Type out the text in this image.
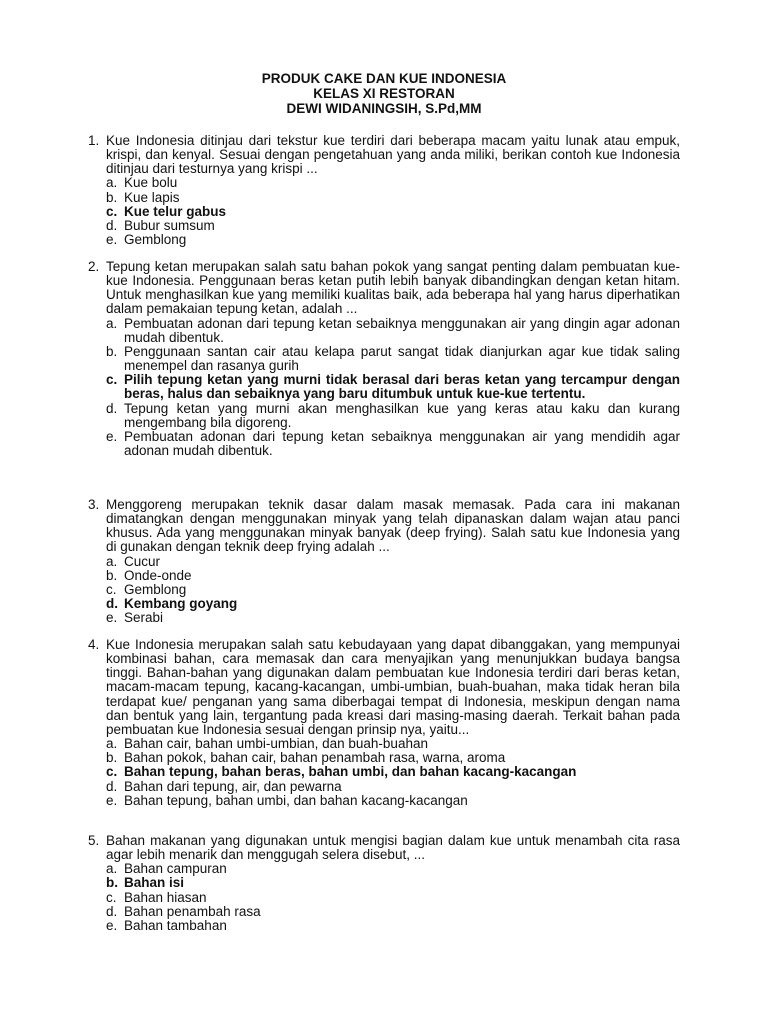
PRODUK CAKE DAN KUE INDONESIA
KELAS XI RESTORAN
DEWI WIDANINGSIH, S.Pd,MM
1. Kue Indonesia ditinjau dari tekstur kue terdiri dari beberapa macam yaitu lunak atau empuk, krispi, dan kenyal. Sesuai dengan pengetahuan yang anda miliki, berikan contoh kue Indonesia ditinjau dari testurnya yang krispi ...
a. Kue bolu
b. Kue lapis
c. Kue telur gabus
d. Bubur sumsum
e. Gemblong
2. Tepung ketan merupakan salah satu bahan pokok yang sangat penting dalam pembuatan kue-kue Indonesia. Penggunaan beras ketan putih lebih banyak dibandingkan dengan ketan hitam. Untuk menghasilkan kue yang memiliki kualitas baik, ada beberapa hal yang harus diperhatikan dalam pemakaian tepung ketan, adalah ...
a. Pembuatan adonan dari tepung ketan sebaiknya menggunakan air yang dingin agar adonan mudah dibentuk.
b. Penggunaan santan cair atau kelapa parut sangat tidak dianjurkan agar kue tidak saling menempel dan rasanya gurih
c. Pilih tepung ketan yang murni tidak berasal dari beras ketan yang tercampur dengan beras, halus dan sebaiknya yang baru ditumbuk untuk kue-kue tertentu.
d. Tepung ketan yang murni akan menghasilkan kue yang keras atau kaku dan kurang mengembang bila digoreng.
e. Pembuatan adonan dari tepung ketan sebaiknya menggunakan air yang mendidih agar adonan mudah dibentuk.
3. Menggoreng merupakan teknik dasar dalam masak memasak. Pada cara ini makanan dimatangkan dengan menggunakan minyak yang telah dipanaskan dalam wajan atau panci khusus. Ada yang menggunakan minyak banyak (deep frying). Salah satu kue Indonesia yang di gunakan dengan teknik deep frying adalah ...
a. Cucur
b. Onde-onde
c. Gemblong
d. Kembang goyang
e. Serabi
4. Kue Indonesia merupakan salah satu kebudayaan yang dapat dibanggakan, yang mempunyai kombinasi bahan, cara memasak dan cara menyajikan yang menunjukkan budaya bangsa tinggi. Bahan-bahan yang digunakan dalam pembuatan kue Indonesia terdiri dari beras ketan, macam-macam tepung, kacang-kacangan, umbi-umbian, buah-buahan, maka tidak heran bila terdapat kue/ penganan yang sama diberbagai tempat di Indonesia, meskipun dengan nama dan bentuk yang lain, tergantung pada kreasi dari masing-masing daerah. Terkait bahan pada pembuatan kue Indonesia sesuai dengan prinsip nya, yaitu...
a. Bahan cair, bahan umbi-umbian, dan buah-buahan
b. Bahan pokok, bahan cair, bahan penambah rasa, warna, aroma
c. Bahan tepung, bahan beras, bahan umbi, dan bahan kacang-kacangan
d. Bahan dari tepung, air, dan pewarna
e. Bahan tepung, bahan umbi, dan bahan kacang-kacangan
5. Bahan makanan yang digunakan untuk mengisi bagian dalam kue untuk menambah cita rasa agar lebih menarik dan menggugah selera disebut, ...
a. Bahan campuran
b. Bahan isi
c. Bahan hiasan
d. Bahan penambah rasa
e. Bahan tambahan
